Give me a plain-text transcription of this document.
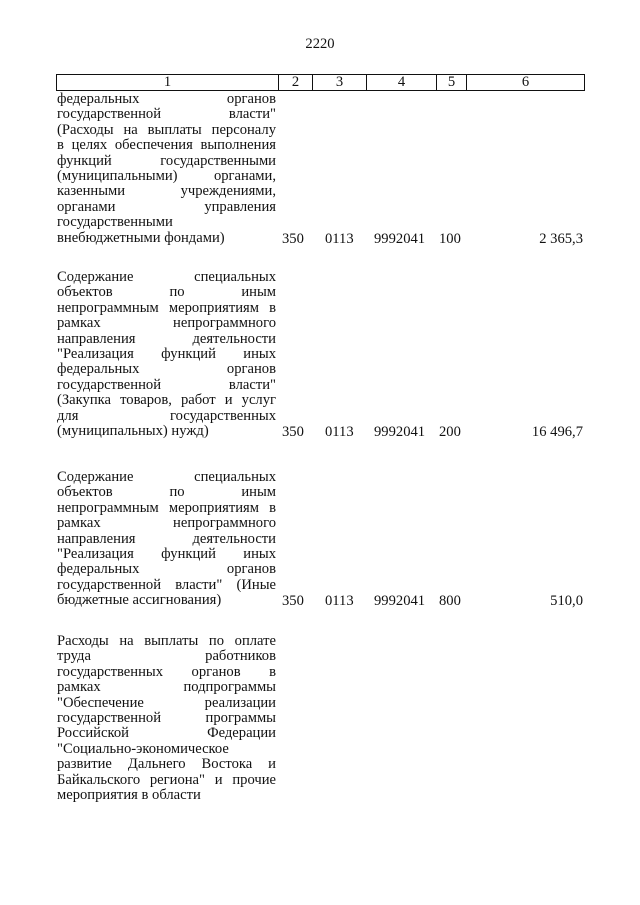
2220
1	2	3	4	5	6
федеральных органов
государственной власти"
(Расходы на выплаты персоналу
в целях обеспечения выполнения
функций государственными
(муниципальными) органами,
казенными учреждениями,
органами управления
государственными
внебюджетными фондами)	350 0113 9992041 100	2 365,3
Содержание специальных
объектов по иным
непрограммным мероприятиям в
рамках непрограммного
направления деятельности
"Реализация функций иных
федеральных органов
государственной власти"
(Закупка товаров, работ и услуг
для государственных
(муниципальных) нужд)	350 0113 9992041 200	16 496,7
Содержание специальных
объектов по иным
непрограммным мероприятиям в
рамках непрограммного
направления деятельности
"Реализация функций иных
федеральных органов
государственной власти" (Иные
бюджетные ассигнования)	350 0113 9992041 800	510,0
Расходы на выплаты по оплате
труда работников
государственных органов в
рамках подпрограммы
"Обеспечение реализации
государственной программы
Российской Федерации
"Социально-экономическое
развитие Дальнего Востока и
Байкальского региона" и прочие
мероприятия в области
